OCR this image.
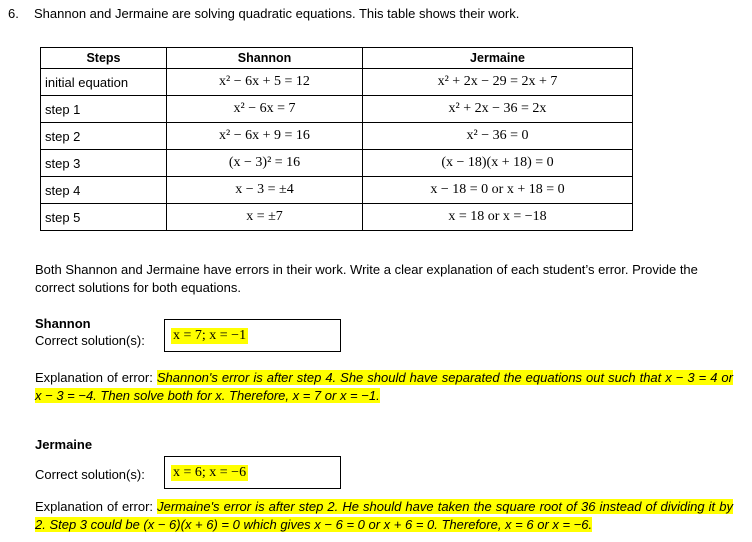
6. Shannon and Jermaine are solving quadratic equations. This table shows their work.
Steps	Shannon	Jermaine
initial equation	x² − 6x + 5 = 12	x² + 2x − 29 = 2x + 7
step 1	x² − 6x = 7	x² + 2x − 36 = 2x
step 2	x² − 6x + 9 = 16	x² − 36 = 0
step 3	(x − 3)² = 16	(x − 18)(x + 18) = 0
step 4	x − 3 = ±4	x − 18 = 0 or x + 18 = 0
step 5	x = ±7	x = 18 or x = −18
Both Shannon and Jermaine have errors in their work. Write a clear explanation of each student’s error. Provide the correct solutions for both equations.
Shannon
Correct solution(s): x = 7; x = −1
Explanation of error: Shannon's error is after step 4. She should have separated the equations out such that x − 3 = 4 or x − 3 = −4. Then solve both for x. Therefore, x = 7 or x = −1.
Jermaine
Correct solution(s): x = 6; x = −6
Explanation of error: Jermaine's error is after step 2. He should have taken the square root of 36 instead of dividing it by 2. Step 3 could be (x − 6)(x + 6) = 0 which gives x − 6 = 0 or x + 6 = 0. Therefore, x = 6 or x = −6.
